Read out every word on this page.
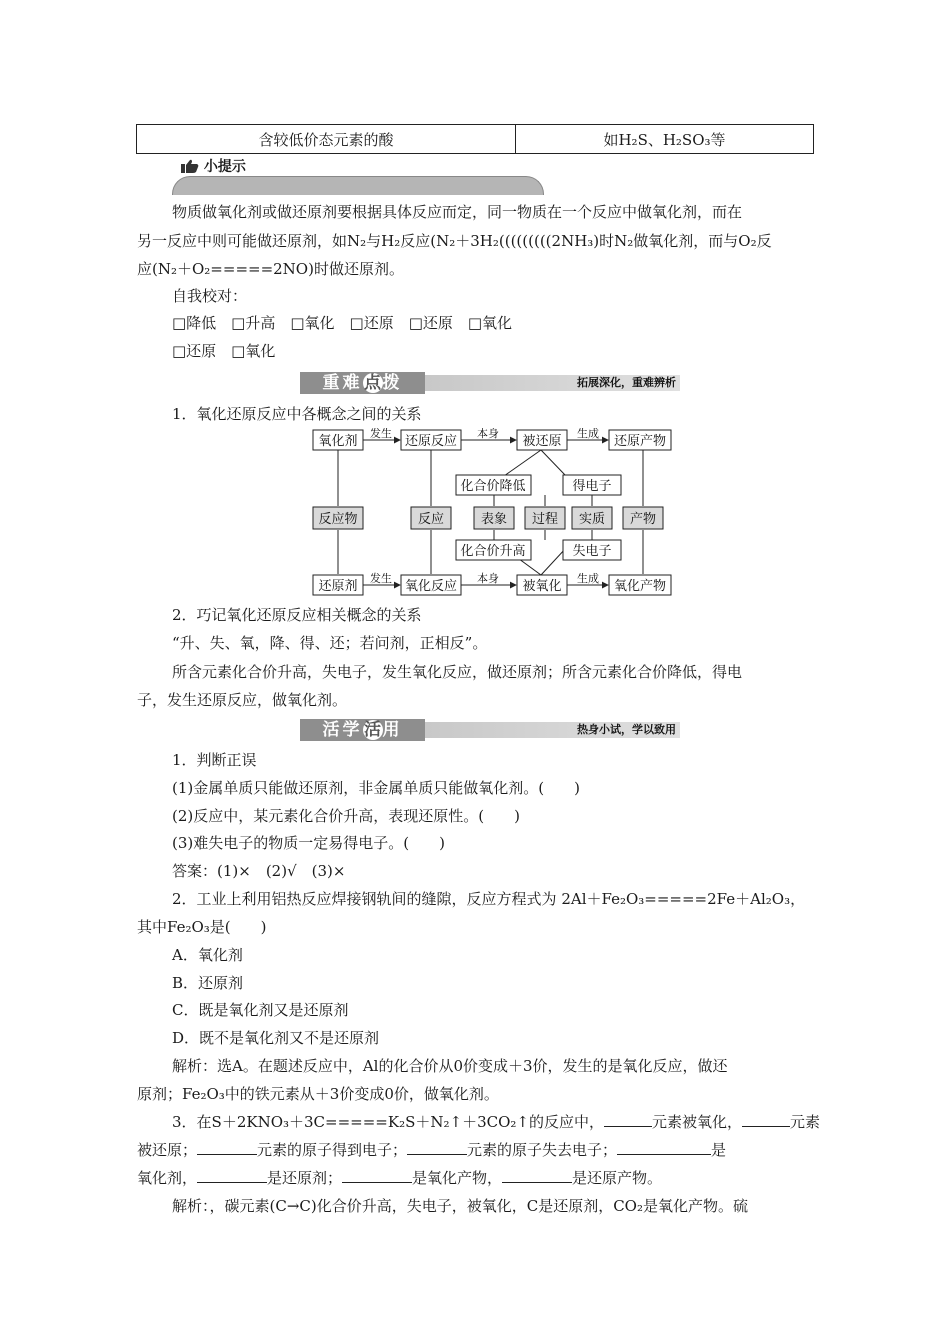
含较低价态元素的酸	如H₂S、H₂SO₃等
小提示
物质做氧化剂或做还原剂要根据具体反应而定，同一物质在一个反应中做氧化剂，而在
另一反应中则可能做还原剂，如N₂与H₂反应(N₂＋3H₂(((((((((2NH₃)时N₂做氧化剂，而与O₂反
应(N₂＋O₂=====2NO)时做还原剂。
自我校对：
□降低　□升高　□氧化　□还原　□还原　□氧化
□还原　□氧化
重难点拨	拓展深化，重难辨析
1．氧化还原反应中各概念之间的关系
氧化剂	还原反应	被还原	还原产物
化合价降低	得电子
反应物	反应	表象 过程 实质 产物
化合价升高	失电子
还原剂	氧化反应	被氧化	氧化产物
发生
发生
本身
本身
生成
生成
2．巧记氧化还原反应相关概念的关系
“升、失、氧，降、得、还；若问剂，正相反”。
所含元素化合价升高，失电子，发生氧化反应，做还原剂；所含元素化合价降低，得电
子，发生还原反应，做氧化剂。
活学活用	热身小试，学以致用
1．判断正误
(1)金属单质只能做还原剂，非金属单质只能做氧化剂。(　　)
(2)反应中，某元素化合价升高，表现还原性。(　　)
(3)难失电子的物质一定易得电子。(　　)
答案：(1)×　(2)√　(3)×
2．工业上利用铝热反应焊接钢轨间的缝隙，反应方程式为 2Al＋Fe₂O₃=====2Fe＋Al₂O₃，
其中Fe₂O₃是(　　)
A．氧化剂
B．还原剂
C．既是氧化剂又是还原剂
D．既不是氧化剂又不是还原剂
解析：选A。在题述反应中，Al的化合价从0价变成＋3价，发生的是氧化反应，做还
原剂；Fe₂O₃中的铁元素从＋3价变成0价，做氧化剂。
3．在S＋2KNO₃＋3C=====K₂S＋N₂↑＋3CO₂↑的反应中，	元素被氧化，	元素
被还原；	元素的原子得到电子；	元素的原子失去电子；	是
氧化剂，	是还原剂；	是氧化产物，	是还原产物。
解析：，碳元素(C→C)化合价升高，失电子，被氧化，C是还原剂，CO₂是氧化产物。硫
